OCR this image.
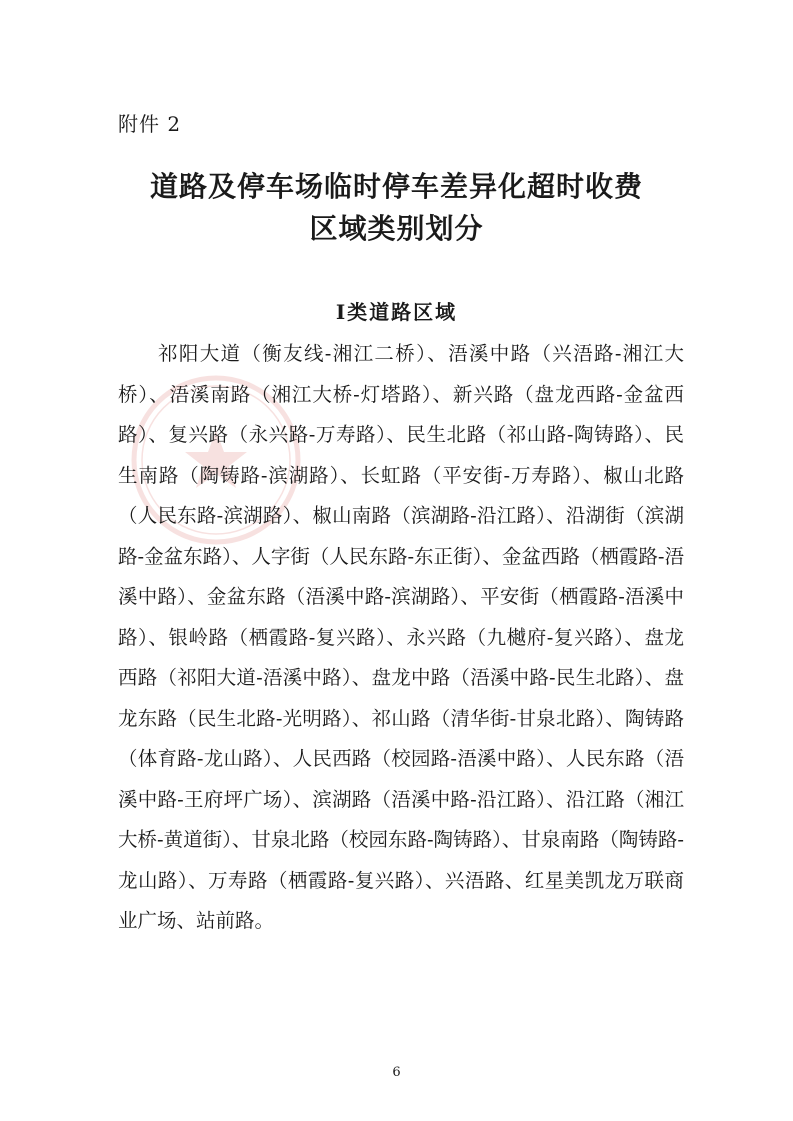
附件 2
道路及停车场临时停车差异化超时收费
区域类别划分
Ⅰ类道路区域

祁阳大道（衡友线-湘江二桥）、浯溪中路（兴浯路-湘江大桥）、浯溪南路（湘江大桥-灯塔路）、新兴路（盘龙西路-金盆西路）、复兴路（永兴路-万寿路）、民生北路（祁山路-陶铸路）、民生南路（陶铸路-滨湖路）、长虹路（平安街-万寿路）、椒山北路（人民东路-滨湖路）、椒山南路（滨湖路-沿江路）、沿湖街（滨湖路-金盆东路）、人字街（人民东路-东正街）、金盆西路（栖霞路-浯溪中路）、金盆东路（浯溪中路-滨湖路）、平安街（栖霞路-浯溪中路）、银岭路（栖霞路-复兴路）、永兴路（九樾府-复兴路）、盘龙西路（祁阳大道-浯溪中路）、盘龙中路（浯溪中路-民生北路）、盘龙东路（民生北路-光明路）、祁山路（清华街-甘泉北路）、陶铸路（体育路-龙山路）、人民西路（校园路-浯溪中路）、人民东路（浯溪中路-王府坪广场）、滨湖路（浯溪中路-沿江路）、沿江路（湘江大桥-黄道街）、甘泉北路（校园东路-陶铸路）、甘泉南路（陶铸路-龙山路）、万寿路（栖霞路-复兴路）、兴浯路、红星美凯龙万联商业广场、站前路。

6
